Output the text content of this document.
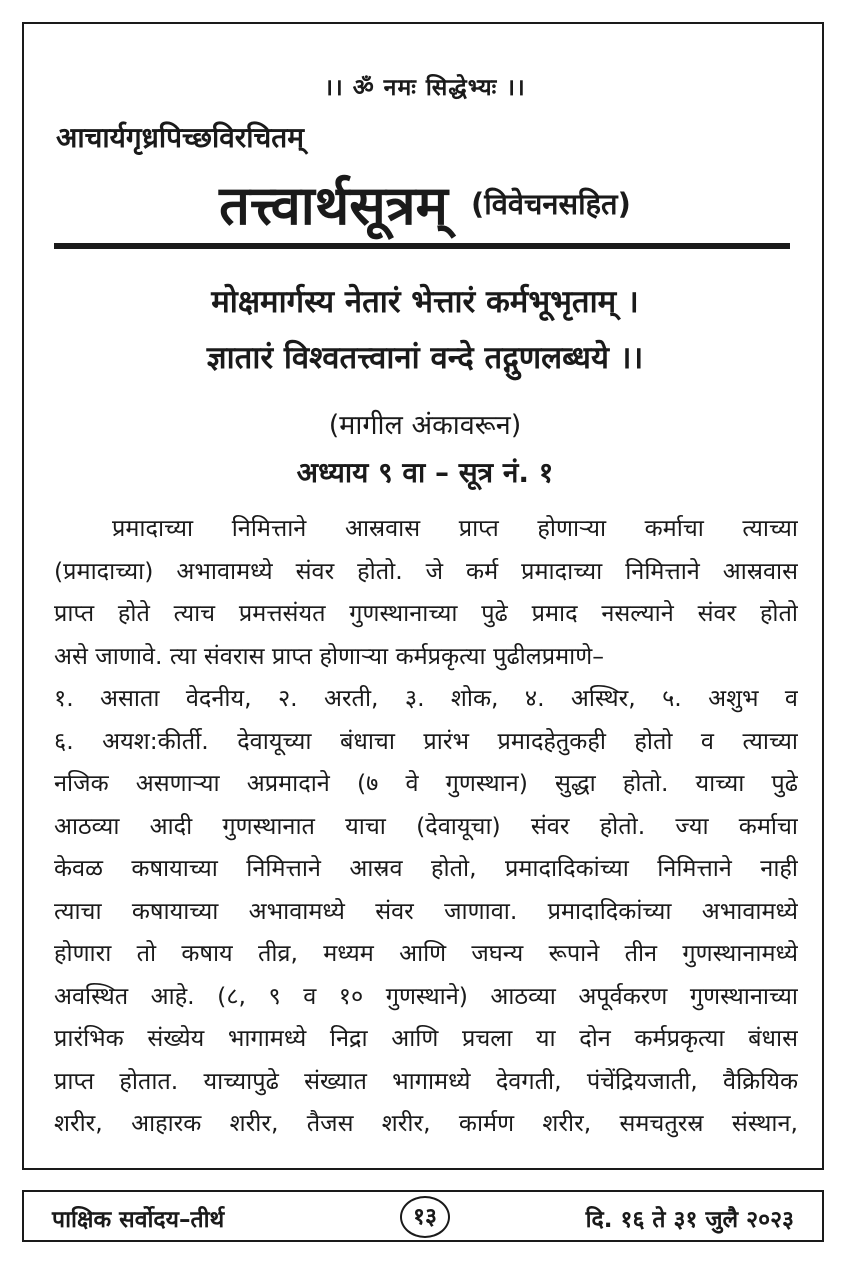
।। ॐ नमः सिद्धेभ्यः ।।
आचार्यगृध्रपिच्छविरचितम्
तत्त्वार्थसूत्रम् (विवेचनसहित)
मोक्षमार्गस्य नेतारं भेत्तारं कर्मभूभृताम् ।
ज्ञातारं विश्वतत्त्वानां वन्दे तद्गुणलब्धये ।।
(मागील अंकावरून)
अध्याय ९ वा – सूत्र नं. १
प्रमादाच्या निमित्ताने आस्रवास प्राप्त होणाऱ्या कर्माचा त्याच्या
(प्रमादाच्या) अभावामध्ये संवर होतो. जे कर्म प्रमादाच्या निमित्ताने आस्रवास
प्राप्त होते त्याच प्रमत्तसंयत गुणस्थानाच्या पुढे प्रमाद नसल्याने संवर होतो
असे जाणावे. त्या संवरास प्राप्त होणाऱ्या कर्मप्रकृत्या पुढीलप्रमाणे–
१. असाता वेदनीय, २. अरती, ३. शोक, ४. अस्थिर, ५. अशुभ व
६. अयश:कीर्ती. देवायूच्या बंधाचा प्रारंभ प्रमादहेतुकही होतो व त्याच्या
नजिक असणाऱ्या अप्रमादाने (७ वे गुणस्थान) सुद्धा होतो. याच्या पुढे
आठव्या आदी गुणस्थानात याचा (देवायूचा) संवर होतो. ज्या कर्माचा
केवळ कषायाच्या निमित्ताने आस्रव होतो, प्रमादादिकांच्या निमित्ताने नाही
त्याचा कषायाच्या अभावामध्ये संवर जाणावा. प्रमादादिकांच्या अभावामध्ये
होणारा तो कषाय तीव्र, मध्यम आणि जघन्य रूपाने तीन गुणस्थानामध्ये
अवस्थित आहे. (८, ९ व १० गुणस्थाने) आठव्या अपूर्वकरण गुणस्थानाच्या
प्रारंभिक संख्येय भागामध्ये निद्रा आणि प्रचला या दोन कर्मप्रकृत्या बंधास
प्राप्त होतात. याच्यापुढे संख्यात भागामध्ये देवगती, पंचेंद्रियजाती, वैक्रियिक
शरीर, आहारक शरीर, तैजस शरीर, कार्मण शरीर, समचतुरस्र संस्थान,
पाक्षिक सर्वोदय–तीर्थ	१३	दि. १६ ते ३१ जुलै २०२३
